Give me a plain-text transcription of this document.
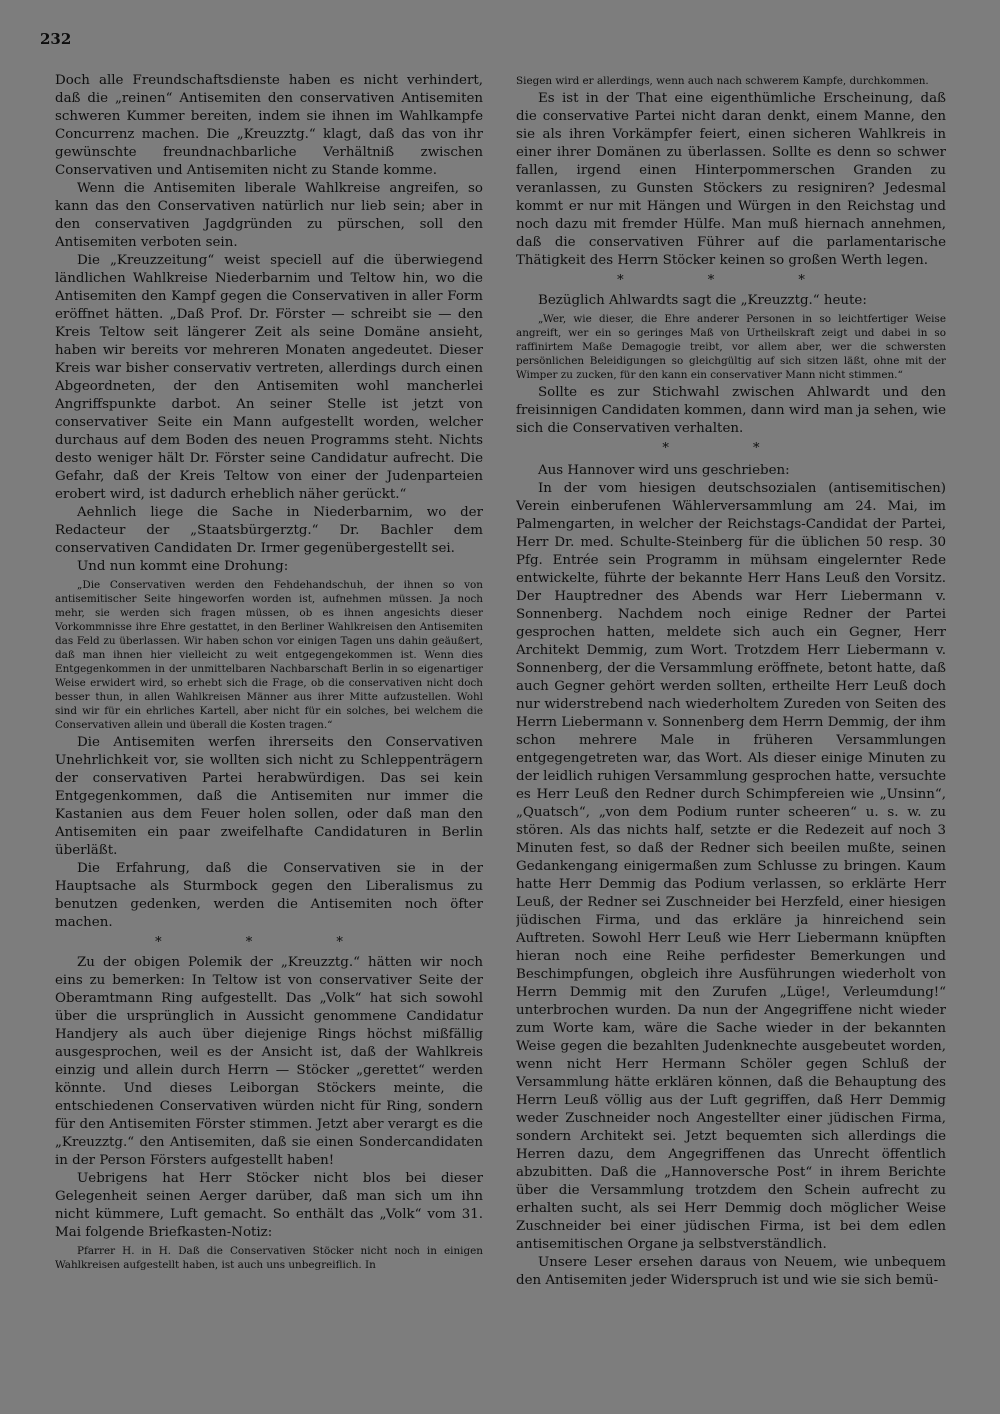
232

Doch alle Freundschaftsdienste haben es nicht verhindert, daß die „reinen“ Antisemiten den conservativen Antisemiten schweren Kummer bereiten, indem sie ihnen im Wahlkampfe Concurrenz machen. Die „Kreuzztg.“ klagt, daß das von ihr gewünschte freundnachbarliche Verhältniß zwischen Conservativen und Antisemiten nicht zu Stande komme.

Wenn die Antisemiten liberale Wahlkreise angreifen, so kann das den Conservativen natürlich nur lieb sein; aber in den conservativen Jagdgründen zu pürschen, soll den Antisemiten verboten sein.

Die „Kreuzzeitung“ weist speciell auf die überwiegend ländlichen Wahlkreise Niederbarnim und Teltow hin, wo die Antisemiten den Kampf gegen die Conservativen in aller Form eröffnet hätten. „Daß Prof. Dr. Förster — schreibt sie — den Kreis Teltow seit längerer Zeit als seine Domäne ansieht, haben wir bereits vor mehreren Monaten angedeutet. Dieser Kreis war bisher conservativ vertreten, allerdings durch einen Abgeordneten, der den Antisemiten wohl mancherlei Angriffspunkte darbot. An seiner Stelle ist jetzt von conservativer Seite ein Mann aufgestellt worden, welcher durchaus auf dem Boden des neuen Programms steht. Nichts desto weniger hält Dr. Förster seine Candidatur aufrecht. Die Gefahr, daß der Kreis Teltow von einer der Judenparteien erobert wird, ist dadurch erheblich näher gerückt.“

Aehnlich liege die Sache in Niederbarnim, wo der Redacteur der „Staatsbürgerztg.“ Dr. Bachler dem conservativen Candidaten Dr. Irmer gegenübergestellt sei.

Und nun kommt eine Drohung:

„Die Conservativen werden den Fehdehandschuh, der ihnen so von antisemitischer Seite hingeworfen worden ist, aufnehmen müssen. Ja noch mehr, sie werden sich fragen müssen, ob es ihnen angesichts dieser Vorkommnisse ihre Ehre gestattet, in den Berliner Wahlkreisen den Antisemiten das Feld zu überlassen. Wir haben schon vor einigen Tagen uns dahin geäußert, daß man ihnen hier vielleicht zu weit entgegengekommen ist. Wenn dies Entgegenkommen in der unmittelbaren Nachbarschaft Berlin in so eigenartiger Weise erwidert wird, so erhebt sich die Frage, ob die conservativen nicht doch besser thun, in allen Wahlkreisen Männer aus ihrer Mitte aufzustellen. Wohl sind wir für ein ehrliches Kartell, aber nicht für ein solches, bei welchem die Conservativen allein und überall die Kosten tragen.“

Die Antisemiten werfen ihrerseits den Conservativen Unehrlichkeit vor, sie wollten sich nicht zu Schleppenträgern der conservativen Partei herabwürdigen. Das sei kein Entgegenkommen, daß die Antisemiten nur immer die Kastanien aus dem Feuer holen sollen, oder daß man den Antisemiten ein paar zweifelhafte Candidaturen in Berlin überläßt.

Die Erfahrung, daß die Conservativen sie in der Hauptsache als Sturmbock gegen den Liberalismus zu benutzen gedenken, werden die Antisemiten noch öfter machen.

* * *

Zu der obigen Polemik der „Kreuzztg.“ hätten wir noch eins zu bemerken: In Teltow ist von conservativer Seite der Oberamtmann Ring aufgestellt. Das „Volk“ hat sich sowohl über die ursprünglich in Aussicht genommene Candidatur Handjery als auch über diejenige Rings höchst mißfällig ausgesprochen, weil es der Ansicht ist, daß der Wahlkreis einzig und allein durch Herrn — Stöcker „gerettet“ werden könnte. Und dieses Leiborgan Stöckers meinte, die entschiedenen Conservativen würden nicht für Ring, sondern für den Antisemiten Förster stimmen. Jetzt aber verargt es die „Kreuzztg.“ den Antisemiten, daß sie einen Sondercandidaten in der Person Försters aufgestellt haben!

Uebrigens hat Herr Stöcker nicht blos bei dieser Gelegenheit seinen Aerger darüber, daß man sich um ihn nicht kümmere, Luft gemacht. So enthält das „Volk“ vom 31. Mai folgende Briefkasten-Notiz:

Pfarrer H. in H. Daß die Conservativen Stöcker nicht noch in einigen Wahlkreisen aufgestellt haben, ist auch uns unbegreiflich. In

Siegen wird er allerdings, wenn auch nach schwerem Kampfe, durchkommen.

Es ist in der That eine eigenthümliche Erscheinung, daß die conservative Partei nicht daran denkt, einem Manne, den sie als ihren Vorkämpfer feiert, einen sicheren Wahlkreis in einer ihrer Domänen zu überlassen. Sollte es denn so schwer fallen, irgend einen Hinterpommerschen Granden zu veranlassen, zu Gunsten Stöckers zu resigniren? Jedesmal kommt er nur mit Hängen und Würgen in den Reichstag und noch dazu mit fremder Hülfe. Man muß hiernach annehmen, daß die conservativen Führer auf die parlamentarische Thätigkeit des Herrn Stöcker keinen so großen Werth legen.

* * *

Bezüglich Ahlwardts sagt die „Kreuzztg.“ heute:

„Wer, wie dieser, die Ehre anderer Personen in so leichtfertiger Weise angreift, wer ein so geringes Maß von Urtheilskraft zeigt und dabei in so raffinirtem Maße Demagogie treibt, vor allem aber, wer die schwersten persönlichen Beleidigungen so gleichgültig auf sich sitzen läßt, ohne mit der Wimper zu zucken, für den kann ein conservativer Mann nicht stimmen.“

Sollte es zur Stichwahl zwischen Ahlwardt und den freisinnigen Candidaten kommen, dann wird man ja sehen, wie sich die Conservativen verhalten.

* *

Aus Hannover wird uns geschrieben:

In der vom hiesigen deutschsozialen (antisemitischen) Verein einberufenen Wählerversammlung am 24. Mai, im Palmengarten, in welcher der Reichstags-Candidat der Partei, Herr Dr. med. Schulte-Steinberg für die üblichen 50 resp. 30 Pfg. Entrée sein Programm in mühsam eingelernter Rede entwickelte, führte der bekannte Herr Hans Leuß den Vorsitz. Der Hauptredner des Abends war Herr Liebermann v. Sonnenberg. Nachdem noch einige Redner der Partei gesprochen hatten, meldete sich auch ein Gegner, Herr Architekt Demmig, zum Wort. Trotzdem Herr Liebermann v. Sonnenberg, der die Versammlung eröffnete, betont hatte, daß auch Gegner gehört werden sollten, ertheilte Herr Leuß doch nur widerstrebend nach wiederholtem Zureden von Seiten des Herrn Liebermann v. Sonnenberg dem Herrn Demmig, der ihm schon mehrere Male in früheren Versammlungen entgegengetreten war, das Wort. Als dieser einige Minuten zu der leidlich ruhigen Versammlung gesprochen hatte, versuchte es Herr Leuß den Redner durch Schimpfereien wie „Unsinn“, „Quatsch“, „von dem Podium runter scheeren“ u. s. w. zu stören. Als das nichts half, setzte er die Redezeit auf noch 3 Minuten fest, so daß der Redner sich beeilen mußte, seinen Gedankengang einigermaßen zum Schlusse zu bringen. Kaum hatte Herr Demmig das Podium verlassen, so erklärte Herr Leuß, der Redner sei Zuschneider bei Herzfeld, einer hiesigen jüdischen Firma, und das erkläre ja hinreichend sein Auftreten. Sowohl Herr Leuß wie Herr Liebermann knüpften hieran noch eine Reihe perfidester Bemerkungen und Beschimpfungen, obgleich ihre Ausführungen wiederholt von Herrn Demmig mit den Zurufen „Lüge!, Verleumdung!“ unterbrochen wurden. Da nun der Angegriffene nicht wieder zum Worte kam, wäre die Sache wieder in der bekannten Weise gegen die bezahlten Judenknechte ausgebeutet worden, wenn nicht Herr Hermann Schöler gegen Schluß der Versammlung hätte erklären können, daß die Behauptung des Herrn Leuß völlig aus der Luft gegriffen, daß Herr Demmig weder Zuschneider noch Angestellter einer jüdischen Firma, sondern Architekt sei. Jetzt bequemten sich allerdings die Herren dazu, dem Angegriffenen das Unrecht öffentlich abzubitten. Daß die „Hannoversche Post“ in ihrem Berichte über die Versammlung trotzdem den Schein aufrecht zu erhalten sucht, als sei Herr Demmig doch möglicher Weise Zuschneider bei einer jüdischen Firma, ist bei dem edlen antisemitischen Organe ja selbstverständlich.

Unsere Leser ersehen daraus von Neuem, wie unbequem den Antisemiten jeder Widerspruch ist und wie sie sich bemü-
